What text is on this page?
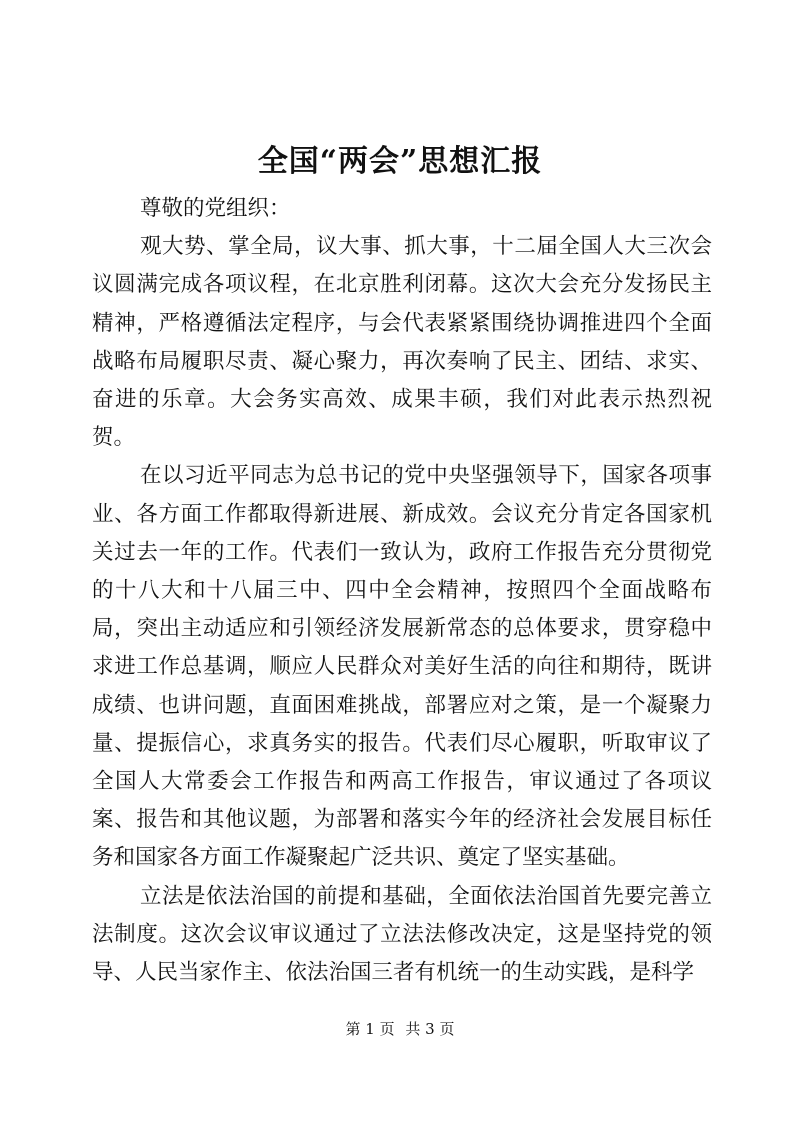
全国“两会”思想汇报

尊敬的党组织：

观大势、掌全局，议大事、抓大事，十二届全国人大三次会议圆满完成各项议程，在北京胜利闭幕。这次大会充分发扬民主精神，严格遵循法定程序，与会代表紧紧围绕协调推进四个全面战略布局履职尽责、凝心聚力，再次奏响了民主、团结、求实、奋进的乐章。大会务实高效、成果丰硕，我们对此表示热烈祝贺。

在以习近平同志为总书记的党中央坚强领导下，国家各项事业、各方面工作都取得新进展、新成效。会议充分肯定各国家机关过去一年的工作。代表们一致认为，政府工作报告充分贯彻党的十八大和十八届三中、四中全会精神，按照四个全面战略布局，突出主动适应和引领经济发展新常态的总体要求，贯穿稳中求进工作总基调，顺应人民群众对美好生活的向往和期待，既讲成绩、也讲问题，直面困难挑战，部署应对之策，是一个凝聚力量、提振信心，求真务实的报告。代表们尽心履职，听取审议了全国人大常委会工作报告和两高工作报告，审议通过了各项议案、报告和其他议题，为部署和落实今年的经济社会发展目标任务和国家各方面工作凝聚起广泛共识、奠定了坚实基础。

立法是依法治国的前提和基础，全面依法治国首先要完善立法制度。这次会议审议通过了立法法修改决定，这是坚持党的领导、人民当家作主、依法治国三者有机统一的生动实践，是科学

第 1 页 共 3 页
